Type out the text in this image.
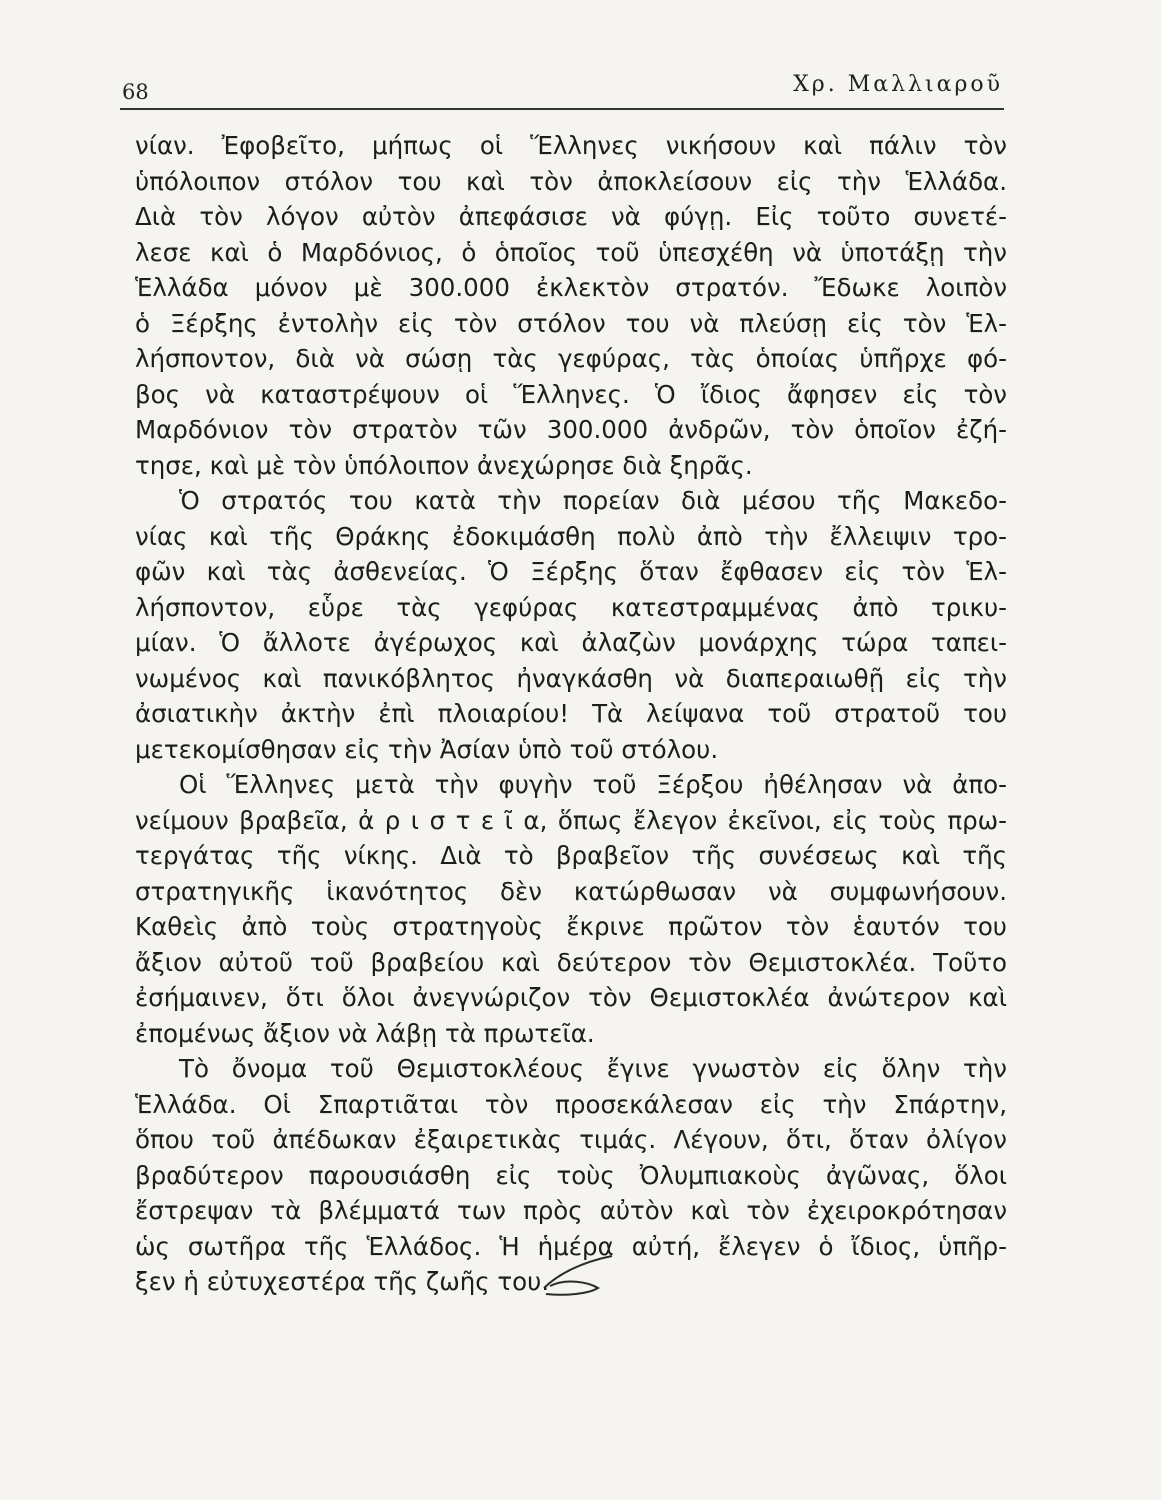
68	Χρ. Μαλλιαροῦ
νίαν. Ἐφοβεῖτο, μήπως οἱ Ἕλληνες νικήσουν καὶ πάλιν τὸν
ὑπόλοιπον στόλον του καὶ τὸν ἀποκλείσουν εἰς τὴν Ἑλλάδα.
Διὰ τὸν λόγον αὐτὸν ἀπεφάσισε νὰ φύγῃ. Εἰς τοῦτο συνετέ-
λεσε καὶ ὁ Μαρδόνιος, ὁ ὁποῖος τοῦ ὑπεσχέθη νὰ ὑποτάξῃ τὴν
Ἑλλάδα μόνον μὲ 300.000 ἐκλεκτὸν στρατόν. Ἔδωκε λοιπὸν
ὁ Ξέρξης ἐντολὴν εἰς τὸν στόλον του νὰ πλεύσῃ εἰς τὸν Ἑλ-
λήσποντον, διὰ νὰ σώσῃ τὰς γεφύρας, τὰς ὁποίας ὑπῆρχε φό-
βος νὰ καταστρέψουν οἱ Ἕλληνες. Ὁ ἴδιος ἄφησεν εἰς τὸν
Μαρδόνιον τὸν στρατὸν τῶν 300.000 ἀνδρῶν, τὸν ὁποῖον ἐζή-
τησε, καὶ μὲ τὸν ὑπόλοιπον ἀνεχώρησε διὰ ξηρᾶς.
Ὁ στρατός του κατὰ τὴν πορείαν διὰ μέσου τῆς Μακεδο-
νίας καὶ τῆς Θράκης ἐδοκιμάσθη πολὺ ἀπὸ τὴν ἔλλειψιν τρο-
φῶν καὶ τὰς ἀσθενείας. Ὁ Ξέρξης ὅταν ἔφθασεν εἰς τὸν Ἑλ-
λήσποντον, εὗρε τὰς γεφύρας κατεστραμμένας ἀπὸ τρικυ-
μίαν. Ὁ ἄλλοτε ἀγέρωχος καὶ ἀλαζὼν μονάρχης τώρα ταπει-
νωμένος καὶ πανικόβλητος ἠναγκάσθη νὰ διαπεραιωθῇ εἰς τὴν
ἀσιατικὴν ἀκτὴν ἐπὶ πλοιαρίου! Τὰ λείψανα τοῦ στρατοῦ του
μετεκομίσθησαν εἰς τὴν Ἀσίαν ὑπὸ τοῦ στόλου.
Οἱ Ἕλληνες μετὰ τὴν φυγὴν τοῦ Ξέρξου ἠθέλησαν νὰ ἀπο-
νείμουν βραβεῖα, ἀ ρ ι σ τ ε ῖ α, ὅπως ἔλεγον ἐκεῖνοι, εἰς τοὺς πρω-
τεργάτας τῆς νίκης. Διὰ τὸ βραβεῖον τῆς συνέσεως καὶ τῆς
στρατηγικῆς ἱκανότητος δὲν κατώρθωσαν νὰ συμφωνήσουν.
Καθεὶς ἀπὸ τοὺς στρατηγοὺς ἔκρινε πρῶτον τὸν ἑαυτόν του
ἄξιον αὐτοῦ τοῦ βραβείου καὶ δεύτερον τὸν Θεμιστοκλέα. Τοῦτο
ἐσήμαινεν, ὅτι ὅλοι ἀνεγνώριζον τὸν Θεμιστοκλέα ἀνώτερον καὶ
ἐπομένως ἄξιον νὰ λάβῃ τὰ πρωτεῖα.
Τὸ ὄνομα τοῦ Θεμιστοκλέους ἔγινε γνωστὸν εἰς ὅλην τὴν
Ἑλλάδα. Οἱ Σπαρτιᾶται τὸν προσεκάλεσαν εἰς τὴν Σπάρτην,
ὅπου τοῦ ἀπέδωκαν ἐξαιρετικὰς τιμάς. Λέγουν, ὅτι, ὅταν ὀλίγον
βραδύτερον παρουσιάσθη εἰς τοὺς Ὀλυμπιακοὺς ἀγῶνας, ὅλοι
ἔστρεψαν τὰ βλέμματά των πρὸς αὐτὸν καὶ τὸν ἐχειροκρότησαν
ὡς σωτῆρα τῆς Ἑλλάδος. Ἡ ἡμέρα αὐτή, ἔλεγεν ὁ ἴδιος, ὑπῆρ-
ξεν ἡ εὐτυχεστέρα τῆς ζωῆς του.
